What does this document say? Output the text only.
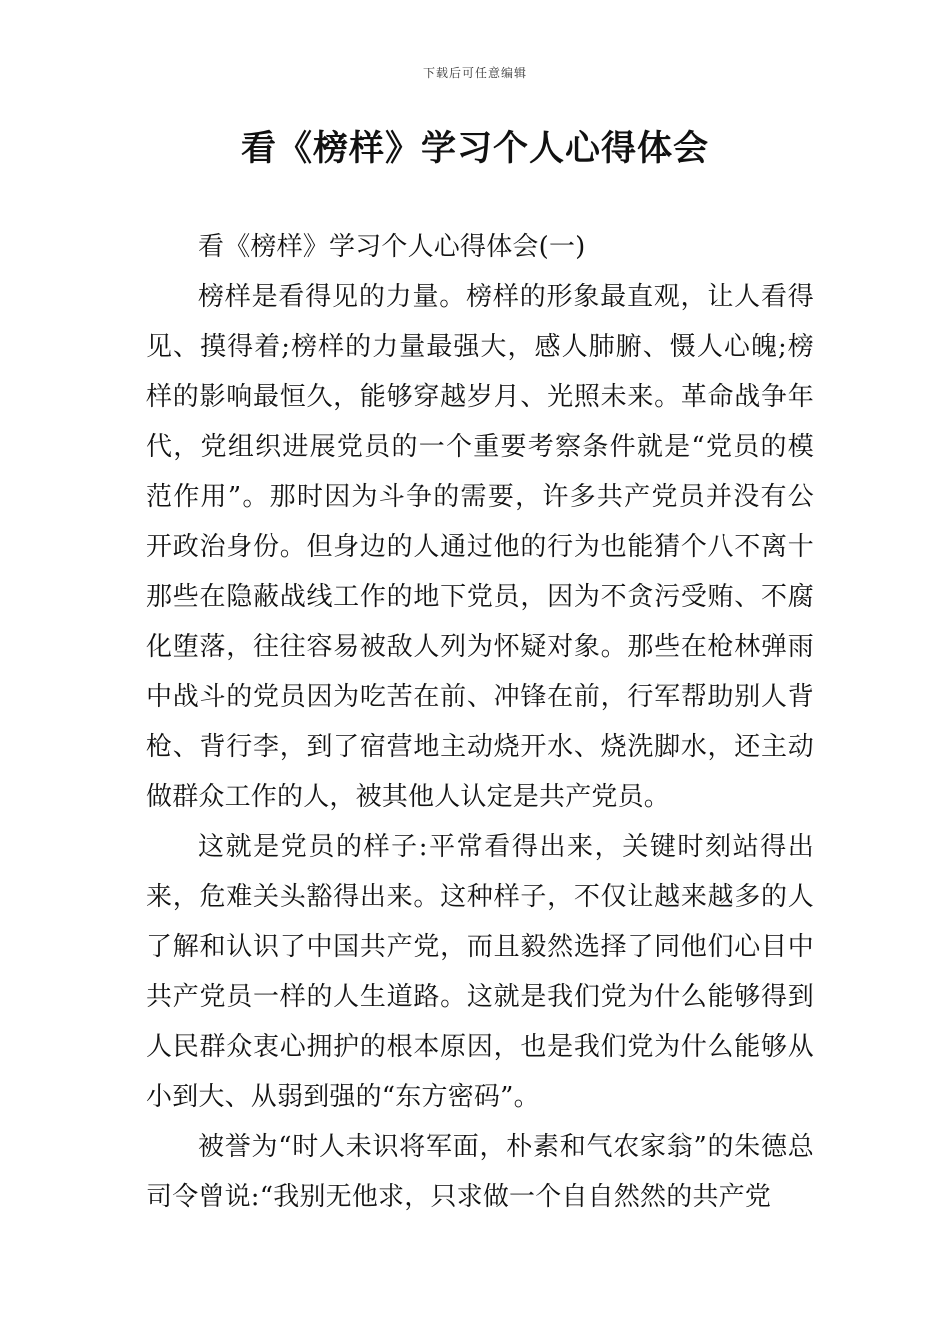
下载后可任意编辑
看《榜样》学习个人心得体会

看《榜样》学习个人心得体会(一)

榜样是看得见的力量。榜样的形象最直观，让人看得见、摸得着;榜样的力量最强大，感人肺腑、慑人心魄;榜样的影响最恒久，能够穿越岁月、光照未来。革命战争年代，党组织进展党员的一个重要考察条件就是“党员的模范作用”。那时因为斗争的需要，许多共产党员并没有公开政治身份。但身边的人通过他的行为也能猜个八不离十那些在隐蔽战线工作的地下党员，因为不贪污受贿、不腐化堕落，往往容易被敌人列为怀疑对象。那些在枪林弹雨中战斗的党员因为吃苦在前、冲锋在前，行军帮助别人背枪、背行李，到了宿营地主动烧开水、烧洗脚水，还主动做群众工作的人，被其他人认定是共产党员。

这就是党员的样子:平常看得出来，关键时刻站得出来，危难关头豁得出来。这种样子，不仅让越来越多的人了解和认识了中国共产党，而且毅然选择了同他们心目中共产党员一样的人生道路。这就是我们党为什么能够得到人民群众衷心拥护的根本原因，也是我们党为什么能够从小到大、从弱到强的“东方密码”。

被誉为“时人未识将军面，朴素和气农家翁”的朱德总司令曾说:“我别无他求，只求做一个自自然然的共产党
